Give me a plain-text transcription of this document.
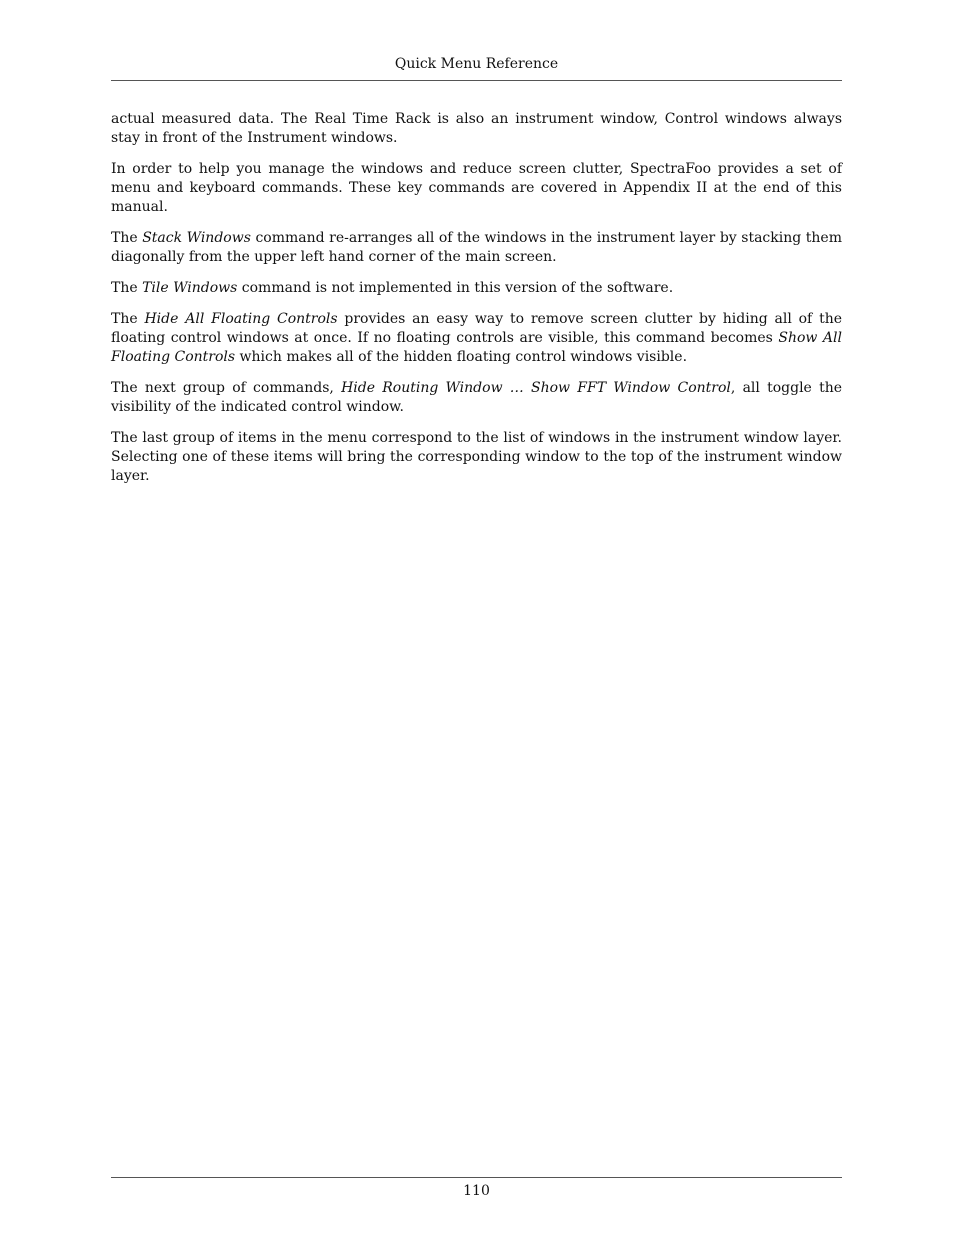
Quick Menu Reference

actual measured data. The Real Time Rack is also an instrument window, Control windows always stay in front of the Instrument windows.

In order to help you manage the windows and reduce screen clutter, SpectraFoo provides a set of menu and keyboard commands. These key commands are covered in Appendix II at the end of this manual.

The Stack Windows command re-arranges all of the windows in the instrument layer by stacking them diagonally from the upper left hand corner of the main screen.

The Tile Windows command is not implemented in this version of the software.

The Hide All Floating Controls provides an easy way to remove screen clutter by hiding all of the floating control windows at once. If no floating controls are visible, this command becomes Show All Floating Controls which makes all of the hidden floating control windows visible.

The next group of commands, Hide Routing Window … Show FFT Window Control, all toggle the visibility of the indicated control window.

The last group of items in the menu correspond to the list of windows in the instrument window layer. Selecting one of these items will bring the corresponding window to the top of the instrument window layer.

110
